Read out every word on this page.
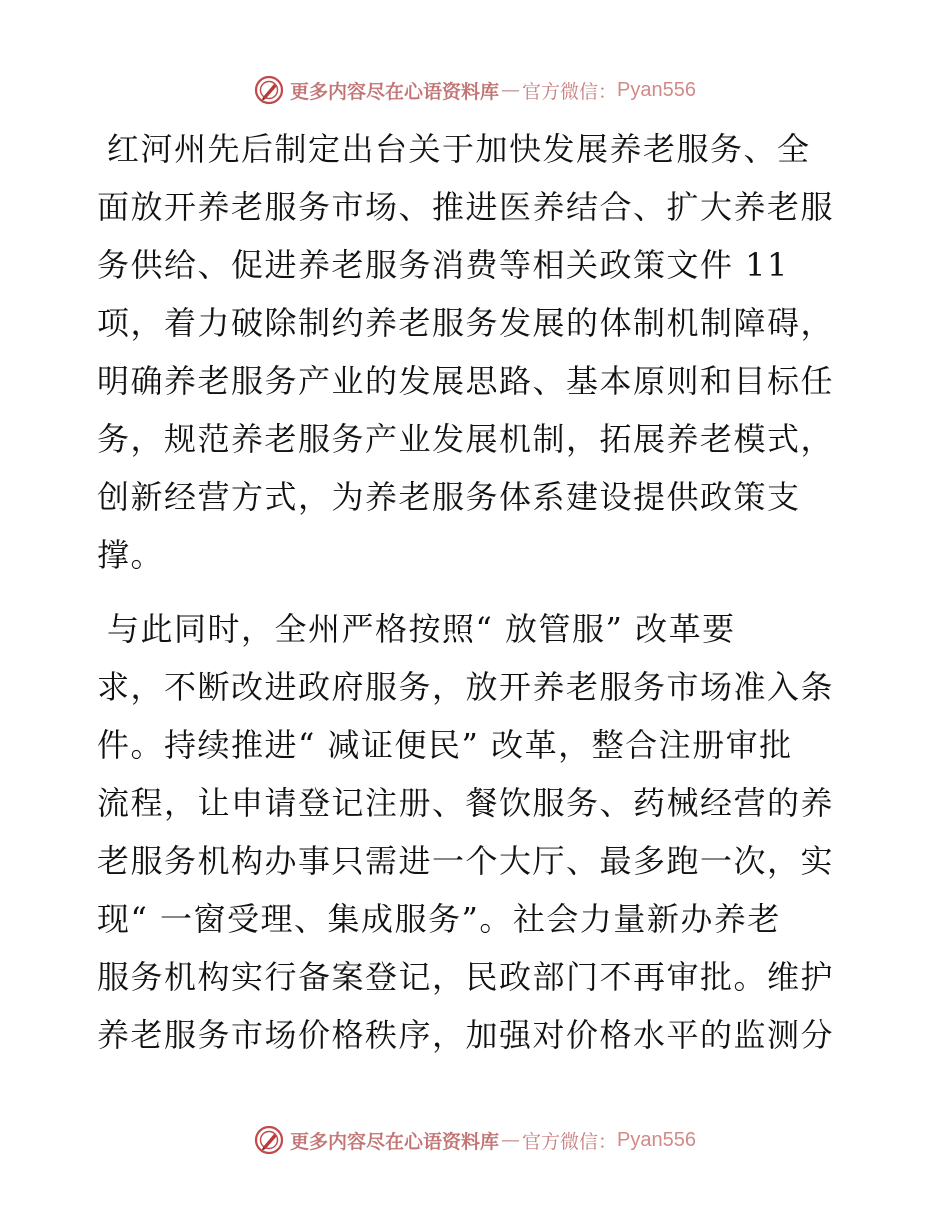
更多内容尽在心语资料库 — 官方微信： Pyan556
红河州先后制定出台关于加快发展养老服务、全
面放开养老服务市场、推进医养结合、扩大养老服
务供给、促进养老服务消费等相关政策文件 11
项，着力破除制约养老服务发展的体制机制障碍，
明确养老服务产业的发展思路、基本原则和目标任
务，规范养老服务产业发展机制，拓展养老模式，
创新经营方式，为养老服务体系建设提供政策支
撑。
与此同时，全州严格按照“ 放管服” 改革要
求，不断改进政府服务，放开养老服务市场准入条
件。持续推进“ 减证便民” 改革，整合注册审批
流程，让申请登记注册、餐饮服务、药械经营的养
老服务机构办事只需进一个大厅、最多跑一次，实
现“ 一窗受理、集成服务”。社会力量新办养老
服务机构实行备案登记，民政部门不再审批。维护
养老服务市场价格秩序，加强对价格水平的监测分
更多内容尽在心语资料库 — 官方微信： Pyan556
